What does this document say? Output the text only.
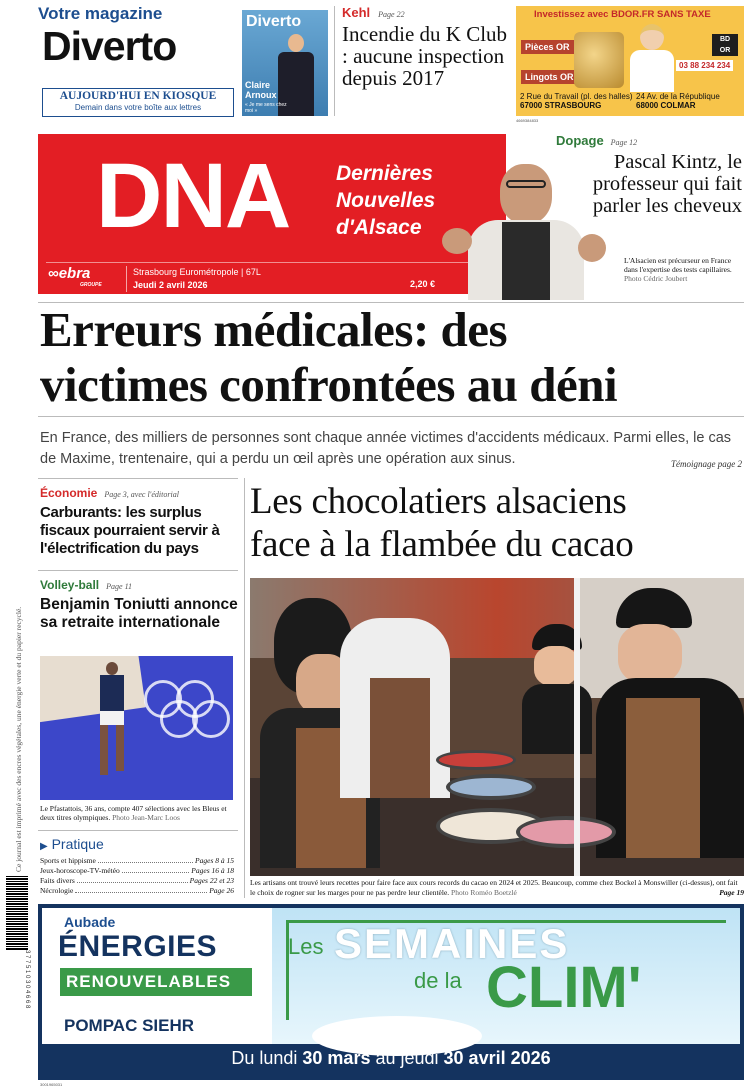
Votre magazine
Diverto
AUJOURD'HUI EN KIOSQUE
Demain dans votre boîte aux lettres
Diverto
Claire Arnoux
« Je me sens chez moi »
Kehl Page 22
Incendie du K Club : aucune inspection depuis 2017
Investissez avec BDOR.FR SANS TAXE
Pièces OR
Lingots OR
BD OR
03 88 234 234
2 Rue du Travail (pl. des halles)
67000 STRASBOURG
24 Av. de la République
68000 COLMAR
4669384833
DNA Dernières
Nouvelles
d'Alsace
∞ebra
GROUPE
Strasbourg Eurométropole | 67L
Jeudi 2 avril 2026	2,20 €
Dopage Page 12
Pascal Kintz, le professeur qui fait parler les cheveux
L'Alsacien est précurseur en France dans l'expertise des tests capillaires.
Photo Cédric Joubert
Erreurs médicales: des
victimes confrontées au déni
En France, des milliers de personnes sont chaque année victimes d'accidents médicaux. Parmi elles, le cas de Maxime, trentenaire, qui a perdu un œil après une opération aux sinus.	Témoignage page 2
Ce journal est imprimé avec des encres végétales, une énergie verte et du papier recyclé.
Économie Page 3, avec l'éditorial
Carburants: les surplus fiscaux pourraient servir à l'électrification du pays
Volley-ball Page 11
Benjamin Toniutti annonce sa retraite internationale
Le Pfastattois, 36 ans, compte 407 sélections avec les Bleus et deux titres olympiques. Photo Jean-Marc Loos
▶ Pratique
Sports et hippisme	Pages 8 à 15
Jeux-horoscope-TV-météo	Pages 16 à 18
Faits divers	Pages 22 et 23
Nécrologie	Page 26
3 7 7 5 1 0 3 0 4 6 6 8
Les chocolatiers alsaciens
face à la flambée du cacao
Les artisans ont trouvé leurs recettes pour faire face aux cours records du cacao en 2024 et 2025. Beaucoup, comme chez Bockel à Monswiller (ci-dessus), ont fait le choix de rogner sur les marges pour ne pas perdre leur clientèle. Photo Roméo Boetzlé	Page 19
Aubade
ÉNERGIES
RENOUVELABLES
POMPAC SIEHR
Les SEMAINES
de la CLIM'
Du lundi 30 mars au jeudi 30 avril 2026
3001965031
